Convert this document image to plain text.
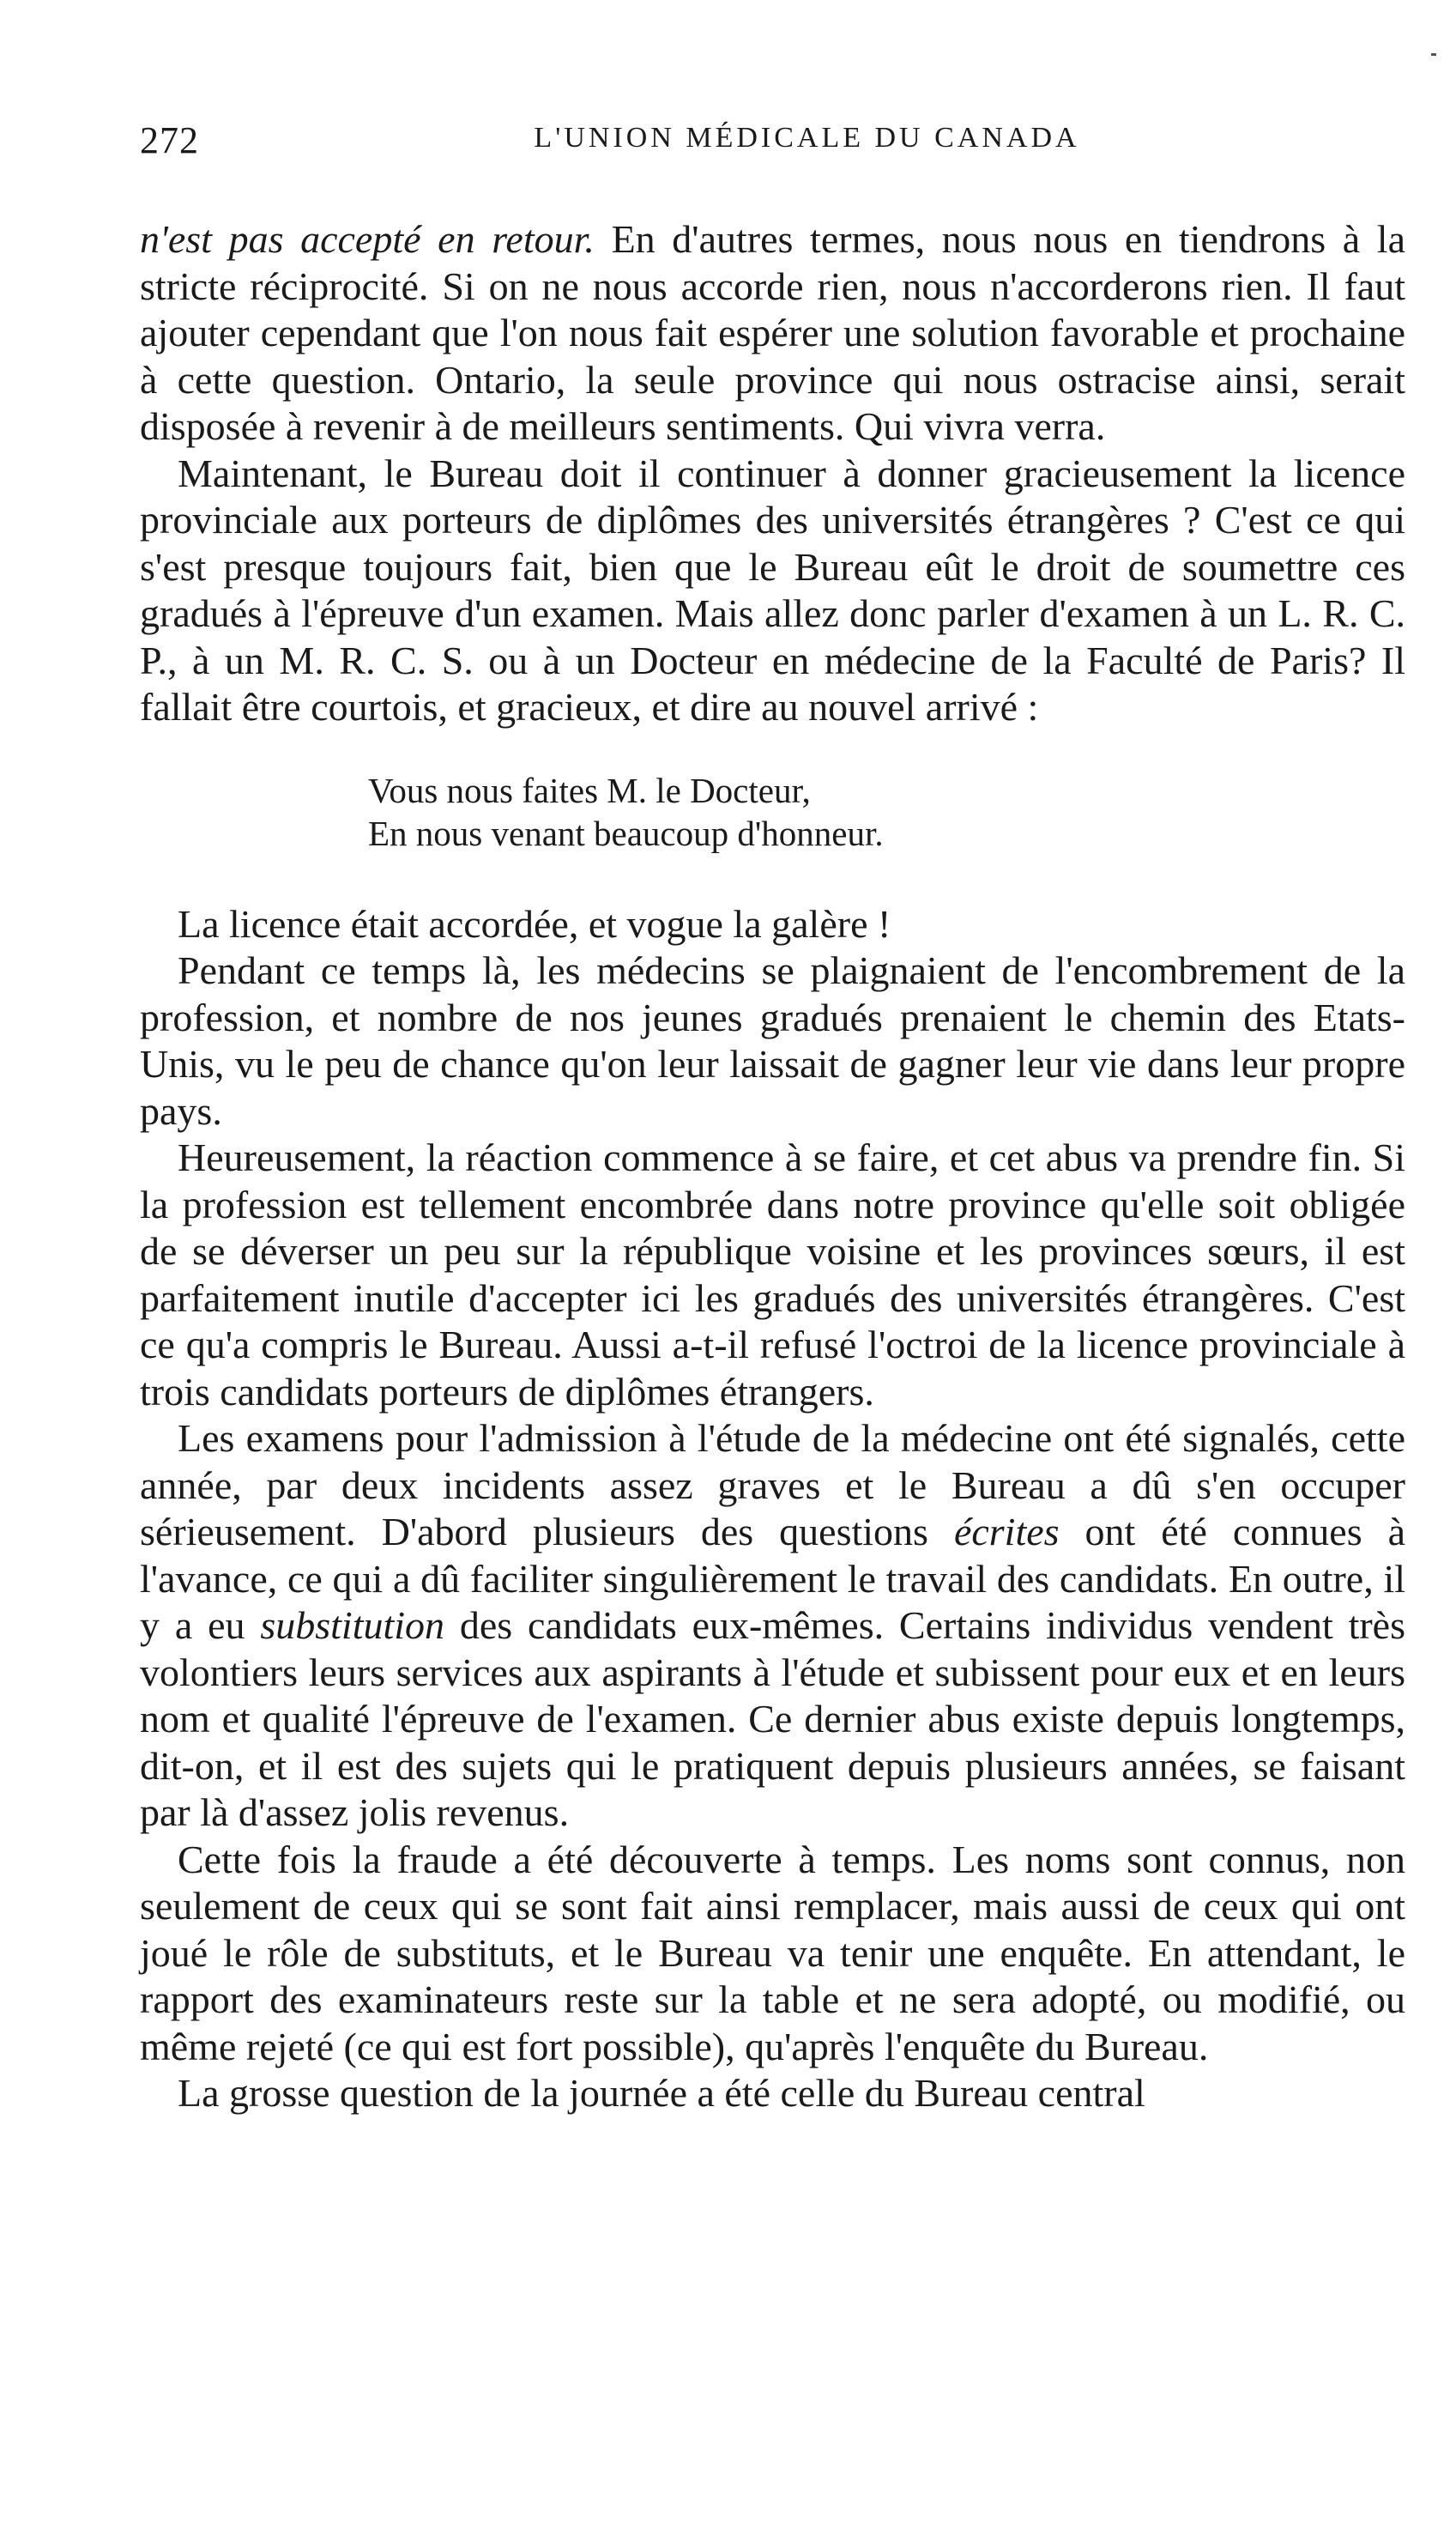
272	L'UNION MÉDICALE DU CANADA

n'est pas accepté en retour. En d'autres termes, nous nous en tiendrons à la stricte réciprocité. Si on ne nous accorde rien, nous n'accorderons rien. Il faut ajouter cependant que l'on nous fait espérer une solution favorable et prochaine à cette question. Ontario, la seule province qui nous ostracise ainsi, serait disposée à revenir à de meilleurs sentiments. Qui vivra verra.

Maintenant, le Bureau doit il continuer à donner gracieusement la licence provinciale aux porteurs de diplômes des universités étrangères ? C'est ce qui s'est presque toujours fait, bien que le Bureau eût le droit de soumettre ces gradués à l'épreuve d'un examen. Mais allez donc parler d'examen à un L. R. C. P., à un M. R. C. S. ou à un Docteur en médecine de la Faculté de Paris? Il fallait être courtois, et gracieux, et dire au nouvel arrivé :

Vous nous faites M. le Docteur,
En nous venant beaucoup d'honneur.

La licence était accordée, et vogue la galère !

Pendant ce temps là, les médecins se plaignaient de l'encombrement de la profession, et nombre de nos jeunes gradués prenaient le chemin des Etats-Unis, vu le peu de chance qu'on leur laissait de gagner leur vie dans leur propre pays.

Heureusement, la réaction commence à se faire, et cet abus va prendre fin. Si la profession est tellement encombrée dans notre province qu'elle soit obligée de se déverser un peu sur la république voisine et les provinces sœurs, il est parfaitement inutile d'accepter ici les gradués des universités étrangères. C'est ce qu'a compris le Bureau. Aussi a-t-il refusé l'octroi de la licence provinciale à trois candidats porteurs de diplômes étrangers.

Les examens pour l'admission à l'étude de la médecine ont été signalés, cette année, par deux incidents assez graves et le Bureau a dû s'en occuper sérieusement. D'abord plusieurs des questions écrites ont été connues à l'avance, ce qui a dû faciliter singulièrement le travail des candidats. En outre, il y a eu substitution des candidats eux-mêmes. Certains individus vendent très volontiers leurs services aux aspirants à l'étude et subissent pour eux et en leurs nom et qualité l'épreuve de l'examen. Ce dernier abus existe depuis longtemps, dit-on, et il est des sujets qui le pratiquent depuis plusieurs années, se faisant par là d'assez jolis revenus.

Cette fois la fraude a été découverte à temps. Les noms sont connus, non seulement de ceux qui se sont fait ainsi remplacer, mais aussi de ceux qui ont joué le rôle de substituts, et le Bureau va tenir une enquête. En attendant, le rapport des examinateurs reste sur la table et ne sera adopté, ou modifié, ou même rejeté (ce qui est fort possible), qu'après l'enquête du Bureau.

La grosse question de la journée a été celle du Bureau central
